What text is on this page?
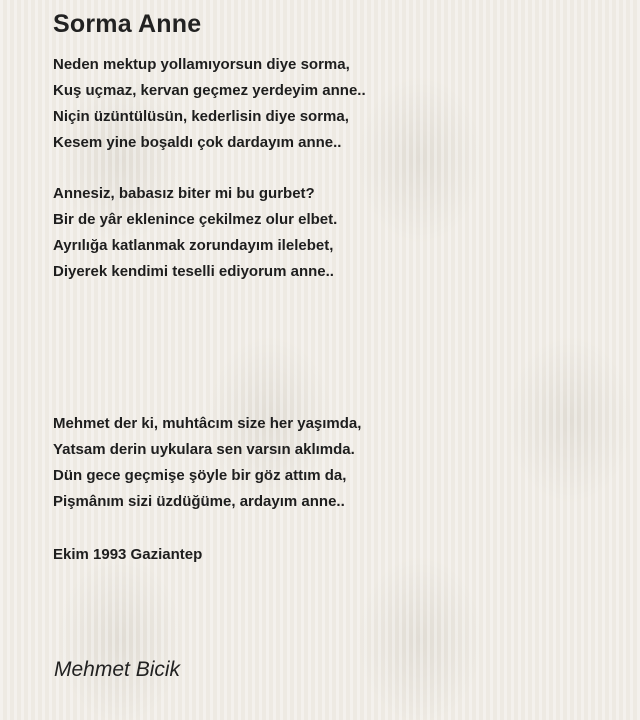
Sorma Anne
Neden mektup yollamıyorsun diye sorma,
Kuş uçmaz, kervan geçmez yerdeyim anne..
Niçin üzüntülüsün, kederlisin diye sorma,
Kesem yine boşaldı çok dardayım anne..
Annesiz, babasız biter mi bu gurbet?
Bir de yâr eklenince çekilmez olur elbet.
Ayrılığa katlanmak zorundayım ilelebet,
Diyerek kendimi teselli ediyorum anne..
Mehmet der ki, muhtâcım size her yaşımda,
Yatsam derin uykulara sen varsın aklımda.
Dün gece geçmişe şöyle bir göz attım da,
Pişmânım sizi üzdüğüme, ardayım anne..
Ekim 1993 Gaziantep
Mehmet Bicik
